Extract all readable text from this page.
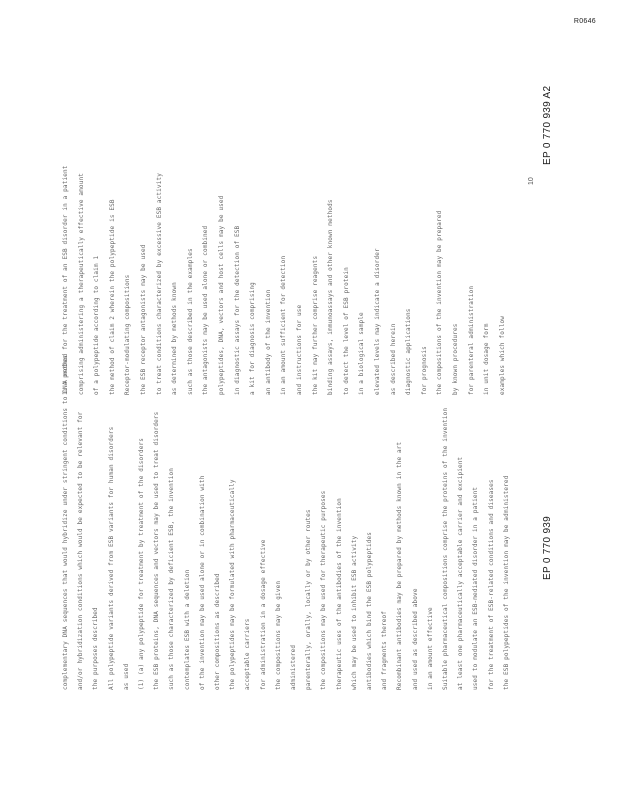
R0646
complementary DNA sequences that would hybridize under stringent conditions to DNA probes and/or hybridization conditions which would be expected to be relevant for the purposes described All polypeptide variants derived from ESB variants for human disorders as used (1) (a) any polypeptide for treatment by treatment of the disorders the ESB proteins, DNA sequences and vectors may be used to treat disorders such as those characterized by deficient ESB, the invention contemplates ESB with a deletion of the invention may be used alone or in combination with other compositions as described the polypeptides may be formulated with pharmaceutically acceptable carriers for administration in a dosage effective the compositions may be given administered parenterally, orally, locally or by other routes the compositions may be used for therapeutic purposes therapeutic uses of the antibodies of the invention which may be used to inhibit ESB activity antibodies which bind the ESB polypeptides and fragments thereof Recombinant antibodies may be prepared by methods known in the art and used as described above in an amount effective Suitable pharmaceutical compositions comprise the proteins of the invention at least one pharmaceutically acceptable carrier and excipient used to modulate an ESB-mediated disorder in a patient for the treatment of ESB-related conditions and diseases the ESB polypeptides of the invention may be administered	EP 0 770 939
1. A method for the treatment of an ESB disorder in a patient comprising administering a therapeutically effective amount of a polypeptide according to claim 1 the method of claim 2 wherein the polypeptide is ESB Receptor-modulating compositions the ESB receptor antagonists may be used to treat conditions characterized by excessive ESB activity as determined by methods known such as those described in the examples the antagonists may be used alone or combined polypeptides, DNA, vectors and host cells may be used in diagnostic assays for the detection of ESB a kit for diagnosis comprising an antibody of the invention in an amount sufficient for detection and instructions for use the kit may further comprise reagents binding assays, immunoassays and other known methods to detect the level of ESB protein in a biological sample elevated levels may indicate a disorder as described herein diagnostic applications for prognosis the compositions of the invention may be prepared by known procedures for parenteral administration in unit dosage form examples which follow
10
EP 0 770 939 A2
